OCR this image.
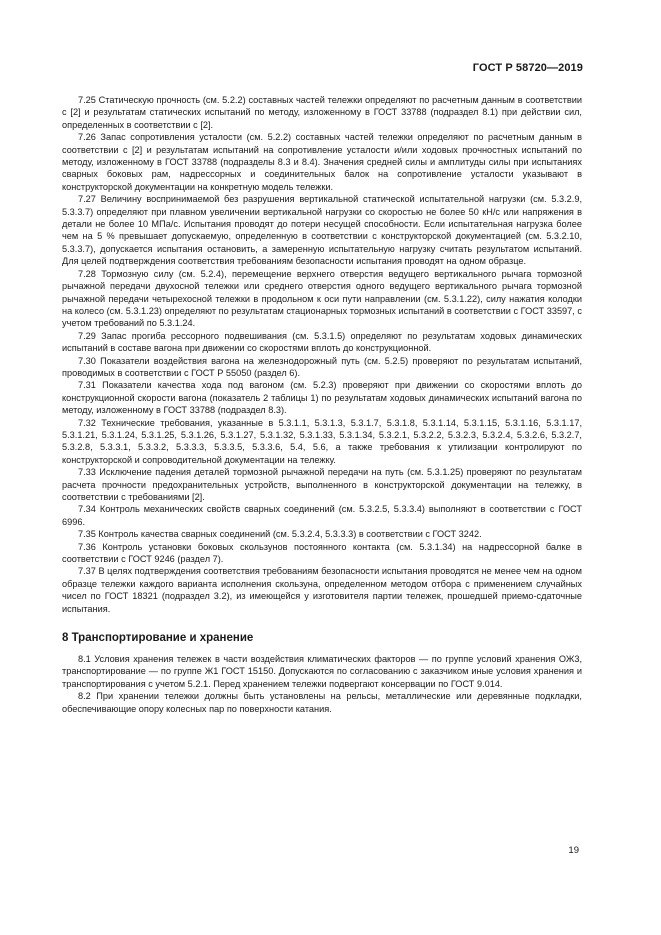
ГОСТ Р 58720—2019

7.25 Статическую прочность (см. 5.2.2) составных частей тележки определяют по расчетным данным в соответствии с [2] и результатам статических испытаний по методу, изложенному в ГОСТ 33788 (подраздел 8.1) при действии сил, определенных в соответствии с [2].

7.26 Запас сопротивления усталости (см. 5.2.2) составных частей тележки определяют по расчетным данным в соответствии с [2] и результатам испытаний на сопротивление усталости и/или ходовых прочностных испытаний по методу, изложенному в ГОСТ 33788 (подразделы 8.3 и 8.4). Значения средней силы и амплитуды силы при испытаниях сварных боковых рам, надрессорных и соединительных балок на сопротивление усталости указывают в конструкторской документации на конкретную модель тележки.

7.27 Величину воспринимаемой без разрушения вертикальной статической испытательной нагрузки (см. 5.3.2.9, 5.3.3.7) определяют при плавном увеличении вертикальной нагрузки со скоростью не более 50 кН/с или напряжения в детали не более 10 МПа/с. Испытания проводят до потери несущей способности. Если испытательная нагрузка более чем на 5 % превышает допускаемую, определенную в соответствии с конструкторской документацией (см. 5.3.2.10, 5.3.3.7), допускается испытания остановить, а замеренную испытательную нагрузку считать результатом испытаний. Для целей подтверждения соответствия требованиям безопасности испытания проводят на одном образце.

7.28 Тормозную силу (см. 5.2.4), перемещение верхнего отверстия ведущего вертикального рычага тормозной рычажной передачи двухосной тележки или среднего отверстия одного ведущего вертикального рычага тормозной рычажной передачи четырехосной тележки в продольном к оси пути направлении (см. 5.3.1.22), силу нажатия колодки на колесо (см. 5.3.1.23) определяют по результатам стационарных тормозных испытаний в соответствии с ГОСТ 33597, с учетом требований по 5.3.1.24.

7.29 Запас прогиба рессорного подвешивания (см. 5.3.1.5) определяют по результатам ходовых динамических испытаний в составе вагона при движении со скоростями вплоть до конструкционной.

7.30 Показатели воздействия вагона на железнодорожный путь (см. 5.2.5) проверяют по результатам испытаний, проводимых в соответствии с ГОСТ Р 55050 (раздел 6).

7.31 Показатели качества хода под вагоном (см. 5.2.3) проверяют при движении со скоростями вплоть до конструкционной скорости вагона (показатель 2 таблицы 1) по результатам ходовых динамических испытаний вагона по методу, изложенному в ГОСТ 33788 (подраздел 8.3).

7.32 Технические требования, указанные в 5.3.1.1, 5.3.1.3, 5.3.1.7, 5.3.1.8, 5.3.1.14, 5.3.1.15, 5.3.1.16, 5.3.1.17, 5.3.1.21, 5.3.1.24, 5.3.1.25, 5.3.1.26, 5.3.1.27, 5.3.1.32, 5.3.1.33, 5.3.1.34, 5.3.2.1, 5.3.2.2, 5.3.2.3, 5.3.2.4, 5.3.2.6, 5.3.2.7, 5.3.2.8, 5.3.3.1, 5.3.3.2, 5.3.3.3, 5.3.3.5, 5.3.3.6, 5.4, 5.6, а также требования к утилизации контролируют по конструкторской и сопроводительной документации на тележку.

7.33 Исключение падения деталей тормозной рычажной передачи на путь (см. 5.3.1.25) проверяют по результатам расчета прочности предохранительных устройств, выполненного в конструкторской документации на тележку, в соответствии с требованиями [2].

7.34 Контроль механических свойств сварных соединений (см. 5.3.2.5, 5.3.3.4) выполняют в соответствии с ГОСТ 6996.

7.35 Контроль качества сварных соединений (см. 5.3.2.4, 5.3.3.3) в соответствии с ГОСТ 3242.

7.36 Контроль установки боковых скользунов постоянного контакта (см. 5.3.1.34) на надрессорной балке в соответствии с ГОСТ 9246 (раздел 7).

7.37 В целях подтверждения соответствия требованиям безопасности испытания проводятся не менее чем на одном образце тележки каждого варианта исполнения скользуна, определенном методом отбора с применением случайных чисел по ГОСТ 18321 (подраздел 3.2), из имеющейся у изготовителя партии тележек, прошедшей приемо-сдаточные испытания.

8 Транспортирование и хранение

8.1 Условия хранения тележек в части воздействия климатических факторов — по группе условий хранения ОЖ3, транспортирование — по группе Ж1 ГОСТ 15150. Допускаются по согласованию с заказчиком иные условия хранения и транспортирования с учетом 5.2.1. Перед хранением тележки подвергают консервации по ГОСТ 9.014.

8.2 При хранении тележки должны быть установлены на рельсы, металлические или деревянные подкладки, обеспечивающие опору колесных пар по поверхности катания.

19
